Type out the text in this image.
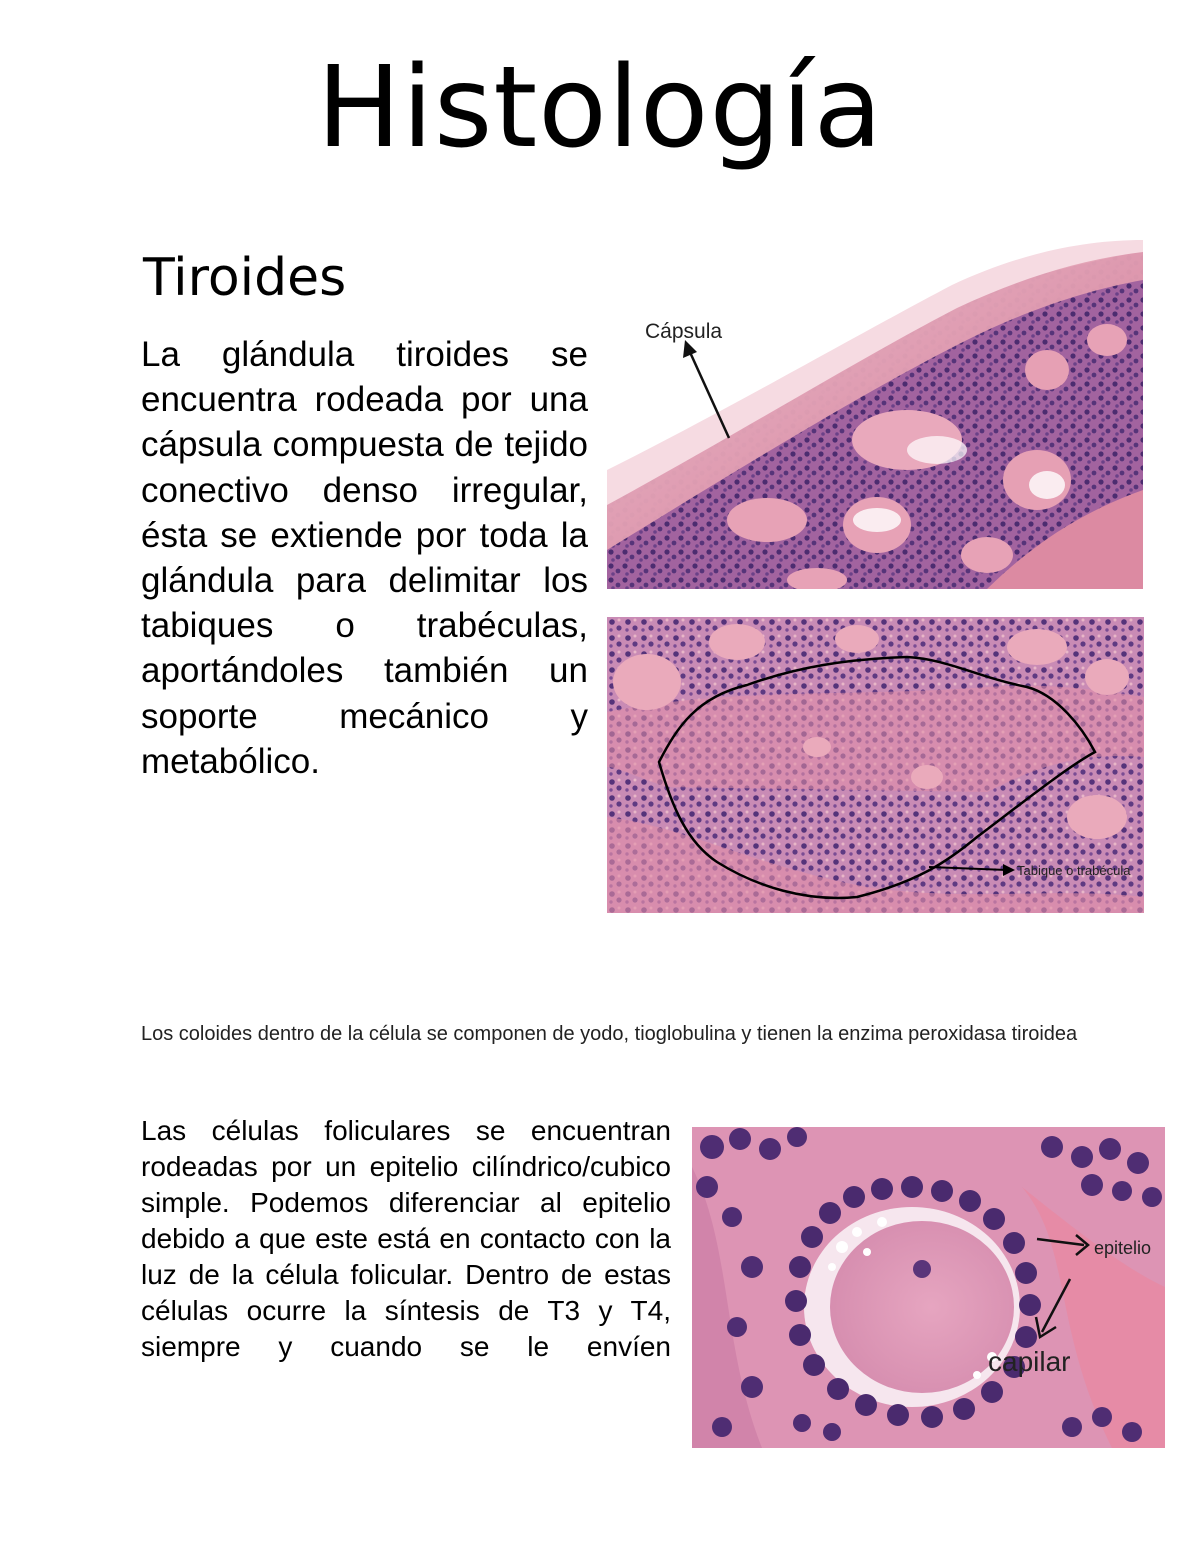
Histología
Tiroides
La glándula tiroides se encuentra rodeada por una cápsula compuesta de tejido conectivo denso irregular, ésta se extiende por toda la glándula para delimitar los tabiques o trabéculas, aportándoles también un soporte mecánico y metabólico.
Cápsula
Tabique o trabécula
Los coloides dentro de la célula se componen de yodo, tioglobulina y tienen la enzima peroxidasa tiroidea
Las células foliculares se encuentran rodeadas por un epitelio cilíndrico/cubico simple. Podemos diferenciar al epitelio debido a que este está en contacto con la luz de la célula folicular. Dentro de estas células ocurre la síntesis de T3 y T4, siempre y cuando se le envíen
epitelio
capilar
